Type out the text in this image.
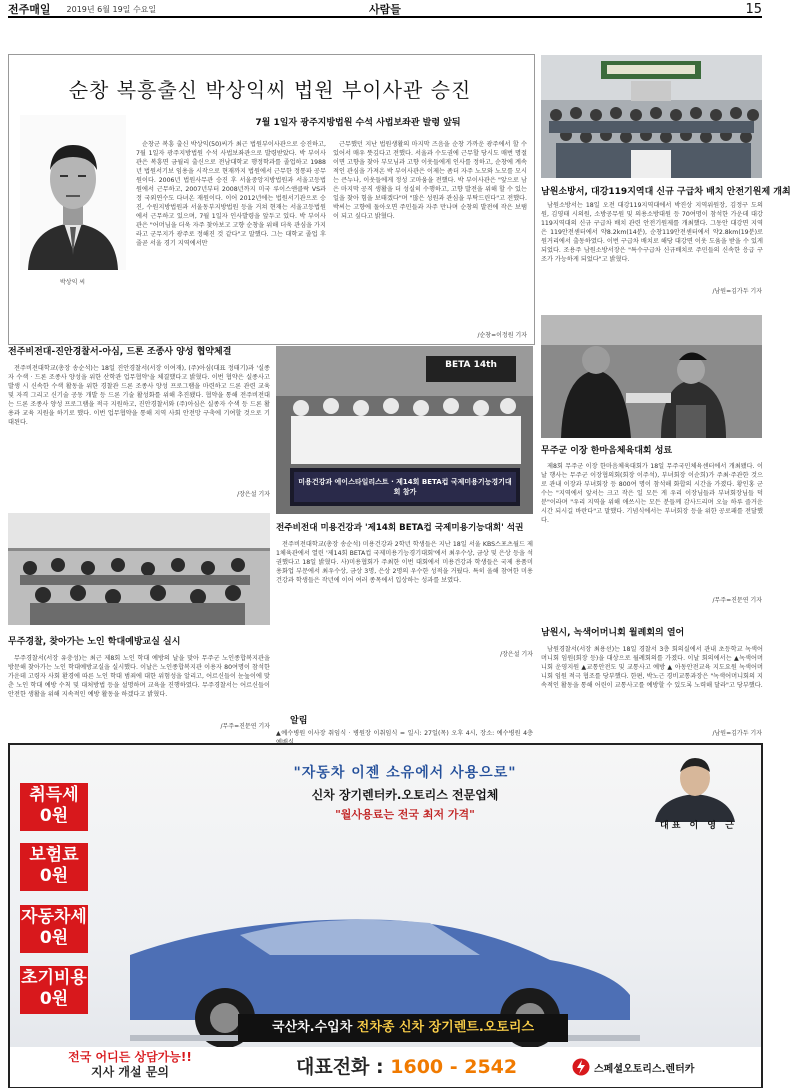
전주매일 2019년 6월 19일 수요일	사람들	15
순창 복흥출신 박상익씨 법원 부이사관 승진
7월 1일자 광주지방법원 수석 사법보좌관 발령 앞둬
박상익 씨

순창군 복흥 출신 박상익(50)씨가 최근 법원부이사관으로 승진하고, 7월 1일자 광주지방법원 수석 사법보좌관으로 발령받았다. 박 부이사관은 복흥면 금월리 출신으로 전남대학교 행정학과를 졸업하고 1988년 법원서기보 임용을 시작으로 현재까지 법원에서 근무한 정통파 공무원이다. 2006년 법원사무관 승진 후 서울중앙지방법원과 서울고등법원에서 근무하고, 2007년부터 2008년까지 미국 루이스앤클락 VS과정 국외연수도 다녀온 재원이다. 이어 2012년에는 법원서기관으로 승진, 수원지방법원과 서울동부지방법원 등을 거쳐 현재는 서울고등법원에서 근무하고 있으며, 7월 1일자 인사발령을 앞두고 있다. 박 부이사관은 "어머님을 더욱 자주 찾아보고 고향 순창을 위해 더욱 관심을 가지라고 군무지가 광주로 정해진 것 같다"고 말했다. 그는 대학교 졸업 후 줄곧 서울 경기 지역에서만

근무했던 지난 법원생활의 마지막 즈음을 순창 가까운 광주에서 할 수 있어서 매우 뜻깊다고 전했다. 서울과 수도권에 근무할 당시도 매번 명절이면 고향을 찾아 부모님과 고향 이웃들에게 인사를 정하고, 순창에 계속적인 관심을 가져온 박 부이사관은 이제는 좀더 자주 노모와 노모를 모시는 큰누나, 이웃들에게 정성 고마움을 전했다. 박 부이사관은 "앞으로 남은 마지막 공직 생활을 더 성실히 수행하고, 고향 발전을 위해 할 수 있는 일을 찾아 힘을 보태겠다"며 "많은 성원과 관심을 부탁드린다"고 전했다. 박씨는 고향에 돌아오면 주민들과 자주 만나며 순창의 발전에 작은 보탬이 되고 싶다고 밝혔다.

/순창=이정원 기자
남원소방서, 대강119지역대 신규 구급차 배치 안전기원제 개최

남원소방서는 18일 오전 대강119지역대에서 박진상 지역위원장, 김정구 도의원, 김영태 시의원, 소방공무원 및 의용소방대원 등 70여명이 참석한 가운데 대강119지역대의 신규 구급차 배치 관련 안전기원제를 개최했다. 그동안 대강면 지역은 119안전센터에서 약8.2km(14분), 순창119안전센터에서 약2.8km(19분)로 원거리에서 출동하였다. 이번 구급차 배치로 해당 대강면 이웃 도움을 받을 수 있게 되었다. 조용주 남원소방서장은 "특수구급차 신규배치로 주민들의 신속한 응급 구조가 가능하게 되었다"고 밝혔다.

/남원=김가두 기자
무주군 이장 한마음체육대회 성료

제8회 무주군 이장 한마음체육대회가 18일 무주국민체육센터에서 개최됐다. 이날 행사는 무주군 이장협의회(회장 이주석), 부녀회장 이순희)가 주최·주관한 것으로 관내 이장과 부녀회장 등 800여 명이 참석해 화합의 시간을 가졌다. 황인홍 군수는 "지역에서 앞서는 크고 작은 일 모든 게 우리 이장님들과 부녀회장님들 덕분"이라며 "우리 지역을 위해 애쓰시는 모든 분들께 감사드리며 오늘 하루 즐거운 시간 되시길 바란다"고 말했다. 기념식에서는 부녀회장 등을 위한 공로패를 전달했다.

/무주=진문연 기자
남원시, 녹색어머니회 월례회의 열어

남원경찰서(서장 최용선)는 18일 경찰서 3층 회의실에서 관내 초등학교 녹색어머니회 임원(회장 등)을 대상으로 월례회의를 가졌다. 이날 회의에서는 ▲녹색어머니회 운영지원 ▲교통안전도 및 교통사고 예방 ▲ 아동안전교육 지도요원 녹색어머니회 임원 적극 협조를 당부했다. 한편, 박노근 경비교통과장은 "녹색어머니회의 지속적인 활동을 통해 어린이 교통사고를 예방할 수 있도록 노력해 달라"고 당부했다.

/남원=김가두 기자
전주비전대-진안경찰서-아심, 드론 조종사 양성 협약체결

전주비전대학교(총장 송순석)는 18일 진안경찰서(서장 이여재), (주)아심(대표 정태기)과 '실종자 수색 · 드론 조종사 양성을 위한 산학관 업무협약'을 체결했다고 밝혔다. 이번 협약은 실종사고 발생 시 신속한 수색 활동을 위한 경찰관 드론 조종사 양성 프로그램을 마련하고 드론 관련 교육 및 자격 그리고 신기술 공동 개발 등 드론 기술 활성화를 위해 추진됐다. 협약을 통해 전주비전대는 드론 조종사 양성 프로그램을 적극 지원하고, 진안경찰서와 (주)아심은 실종자 수색 등 드론 활용과 교육 지원을 하기로 했다. 이번 업무협약을 통해 지역 사회 안전망 구축에 기여할 것으로 기대된다.

/장은설 기자
무주경찰, 찾아가는 노인 학대예방교실 실시

무주경찰서(서장 유충성)는 최근 제8회 노인 학대 예방의 날을 맞아 무주군 노인종합복지관을 방문해 찾아가는 노인 학대예방교실을 실시했다. 이날은 노인종합복지관 이용자 80여명이 참석한 가운데 고령자 사회 환경에 따른 노인 학대 범죄에 대한 위험성을 알리고, 어르신들이 눈높이에 맞춘 노인 학대 예방 수칙 및 대처방법 등을 설명하며 교육을 진행하였다. 무주경찰서는 어르신들이 안전한 생활을 위해 지속적인 예방 활동을 하겠다고 밝혔다.

/무주=진문연 기자
BETA 14th
미용건강과 에이스타일리스트 · 제14회 BETA컵 국제미용기능경기대회 참가
전주비전대 미용건강과 '제14회 BETA컵 국제미용기능대회' 석권

전주비전대학교(총장 송순석) 미용건강과 2학년 학생들은 지난 18일 서울 KBS스포츠월드 제1체육관에서 열린 '제14회 BETA컵 국제미용기능경기대회'에서 최우수상, 금상 및 은상 등을 석권했다고 18일 밝혔다. 사)미용협회가 주최한 이번 대회에서 미용건강과 학생들은 국제 용품미용화업 부문에서 최우수상, 금상 3명, 은상 2명의 우수한 성적을 거뒀다. 특히 올해 참여한 미용건강과 학생들은 작년에 이어 여러 종목에서 입상하는 성과를 보였다.

/장은설 기자
알림

▲예수병원 이사장 취임식 · 병원장 이취임식 = 일시: 27일(목) 오후 4시, 장소: 예수병원 4층

취득세
0원
보험료
0원
자동차세
0원
초기비용
0원
"자동차 이젠 소유에서 사용으로"
신차 장기렌터카.오토리스 전문업체
"월사용료는 전국 최저 가격"
대표 이 영 근
국산차.수입차 전차종 신차 장기렌트.오토리스
전국 어디든 상담가능!!
지사 개설 문의	대표전화 : 1600 - 2542	스페셜오토리스.렌터카
